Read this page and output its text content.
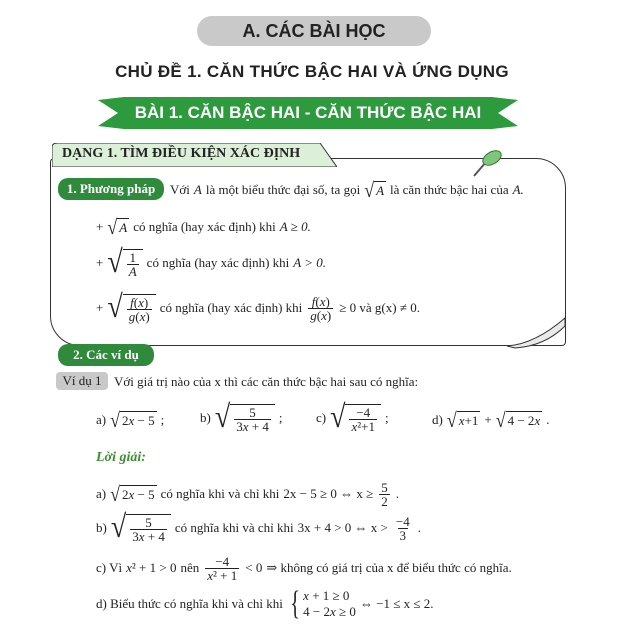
A. CÁC BÀI HỌC
CHỦ ĐỀ 1. CĂN THỨC BẬC HAI VÀ ỨNG DỤNG
BÀI 1. CĂN BẬC HAI - CĂN THỨC BẬC HAI
DẠNG 1. TÌM ĐIỀU KIỆN XÁC ĐỊNH
1. Phương pháp	Với A là một biểu thức đại số, ta gọi √ A là căn thức bậc hai của A.
+ √ A có nghĩa (hay xác định) khi A ≥ 0.
+ √ $\frac{1}{A}$ có nghĩa (hay xác định) khi A > 0.
+ √ $\frac{f(x)}{g(x)}$ có nghĩa (hay xác định) khi $\frac{f(x)}{g(x)} \ge 0$ và g(x) ≠ 0.
2. Các ví dụ
Ví dụ 1 Với giá trị nào của x thì các căn thức bậc hai sau có nghĩa:
a) √ 2x − 5 ;	b) √ $\frac{5}{3x + 4}$ ;	c) √ $\frac{-4}{\text{x²+1}}$ ;	d) √ x+1 + √ 4 − 2x .
Lời giải:
a) √ 2x − 5 có nghĩa khi và chỉ khi 2x − 5 ≥ 0 ⇔ $x \ge \frac{5}{2}$ .
b) √ $\frac{5}{3x + 4}$ có nghĩa khi và chỉ khi 3x + 4 > 0 ⇔ $x > \frac{-4}{3}$ .
c) Vì x² + 1 > 0 nên $\frac{-4}{\text{x² + 1}} < 0$ ⇒ không có giá trị của x để biểu thức có nghĩa.
d) Biểu thức có nghĩa khi và chỉ khi { x + 1 ≥ 0
4 − 2x ≥ 0
⇔ −1 ≤ x ≤ 2.
